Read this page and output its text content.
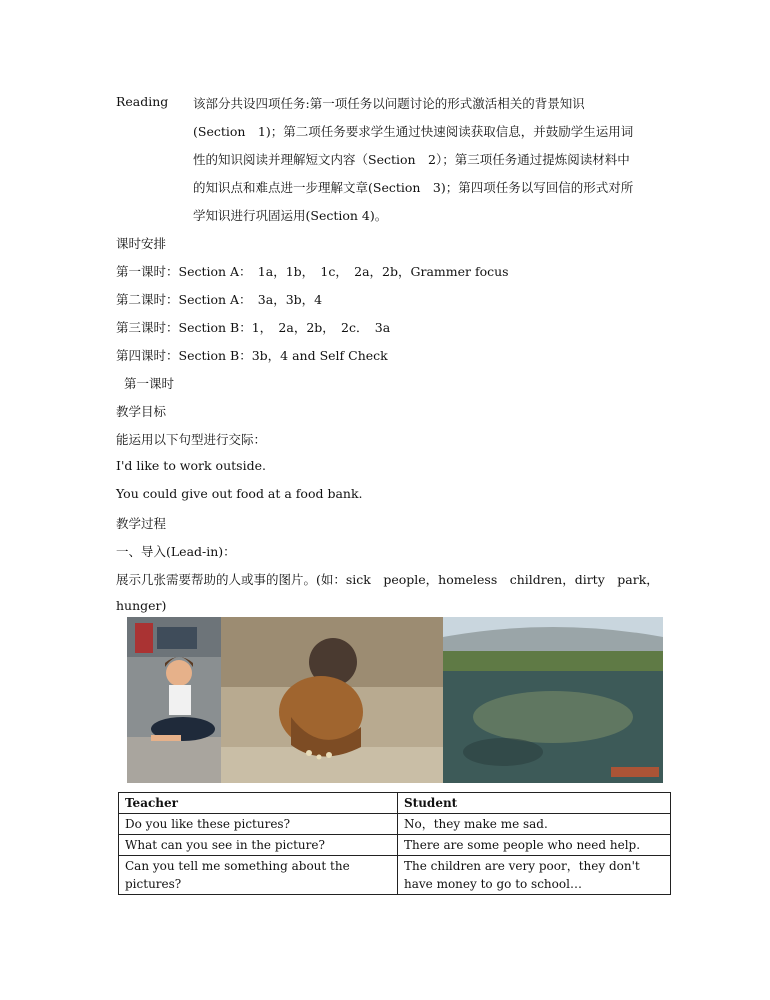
Reading 该部分共设四项任务:第一项任务以问题讨论的形式激活相关的背景知识
(Section　1)；第二项任务要求学生通过快速阅读获取信息，并鼓励学生运用词
性的知识阅读并理解短文内容（Section　2）；第三项任务通过提炼阅读材料中
的知识点和难点进一步理解文章(Section　3)；第四项任务以写回信的形式对所
学知识进行巩固运用(Section 4)。
课时安排
第一课时：Section A：　1a，1b，　1c，　2a，2b，Grammer focus
第二课时：Section A：　3a，3b，4
第三课时：Section B：1，　2a，2b，　2c．　3a
第四课时：Section B：3b，4 and Self Check
第一课时
教学目标
能运用以下句型进行交际：
I'd like to work outside.
You could give out food at a food bank.
教学过程
一、导入(Lead-in)：
展示几张需要帮助的人或事的图片。(如：sick　people，homeless　children，dirty　park，
hunger)
Teacher	Student
Do you like these pictures?	No，they make me sad.
What can you see in the picture?	There are some people who need help.
Can you tell me something about the pictures?	The children are very poor，they don't have money to go to school…
